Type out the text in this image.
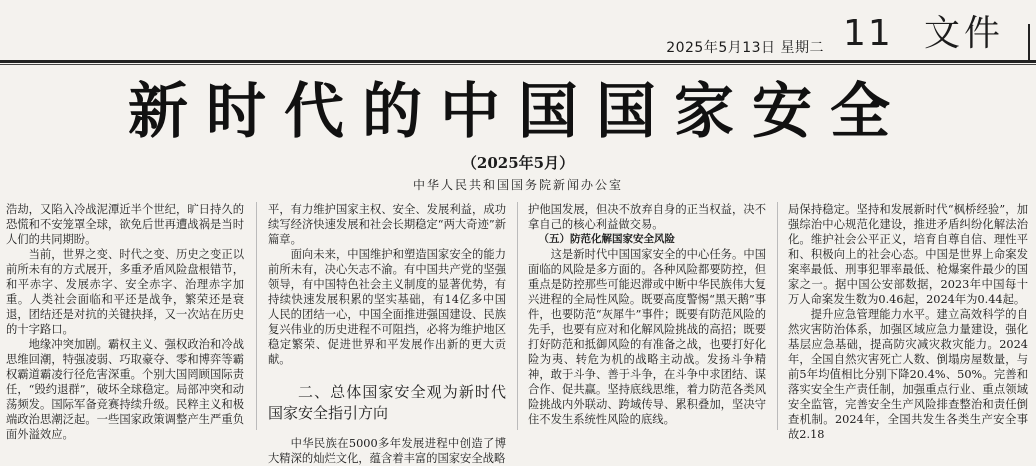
2025年5月13日 星期二 11 文件
新时代的中国国家安全
（2025年5月）
中华人民共和国国务院新闻办公室

浩劫，又陷入冷战泥潭近半个世纪，旷日持久的恐慌和不安笼罩全球，欲免后世再遭战祸是当时人们的共同期盼。

当前，世界之变、时代之变、历史之变正以前所未有的方式展开，多重矛盾风险盘根错节，和平赤字、发展赤字、安全赤字、治理赤字加重。人类社会面临和平还是战争，繁荣还是衰退，团结还是对抗的关键抉择，又一次站在历史的十字路口。

地缘冲突加剧。霸权主义、强权政治和冷战思维回潮，特强凌弱、巧取豪夺、零和博弈等霸权霸道霸凌行径危害深重。个别大国罔顾国际责任，“毁约退群”，破坏全球稳定。局部冲突和动荡频发。国际军备竞赛持续升级。民粹主义和极端政治思潮泛起。一些国家政策调整产生严重负面外溢效应。

平，有力维护国家主权、安全、发展利益，成功续写经济快速发展和社会长期稳定“两大奇迹”新篇章。

面向未来，中国维护和塑造国家安全的能力前所未有，决心矢志不渝。有中国共产党的坚强领导，有中国特色社会主义制度的显著优势，有持续快速发展积累的坚实基础，有14亿多中国人民的团结一心，中国全面推进强国建设、民族复兴伟业的历史进程不可阻挡，必将为维护地区稳定繁荣、促进世界和平发展作出新的更大贡献。

二、总体国家安全观为新时代国家安全指引方向

中华民族在5000多年发展进程中创造了博大精深的灿烂文化，蕴含着丰富的国家安全战略

护他国发展，但决不放弃自身的正当权益，决不拿自己的核心利益做交易。

（五）防范化解国家安全风险

这是新时代中国国家安全的中心任务。中国面临的风险是多方面的。各种风险都要防控，但重点是防控那些可能迟滞或中断中华民族伟大复兴进程的全局性风险。既要高度警惕“黑天鹅”事件，也要防范“灰犀牛”事件；既要有防范风险的先手，也要有应对和化解风险挑战的高招；既要打好防范和抵御风险的有准备之战，也要打好化险为夷、转危为机的战略主动战。发扬斗争精神，敢于斗争、善于斗争，在斗争中求团结、谋合作、促共赢。坚持底线思维，着力防范各类风险挑战内外联动、跨域传导、累积叠加，坚决守住不发生系统性风险的底线。

局保持稳定。坚持和发展新时代“枫桥经验”，加强综治中心规范化建设，推进矛盾纠纷化解法治化。维护社会公平正义，培育自尊自信、理性平和、积极向上的社会心态。中国是世界上命案发案率最低、刑事犯罪率最低、枪爆案件最少的国家之一。据中国公安部数据，2023年中国每十万人命案发生数为0.46起，2024年为0.44起。

提升应急管理能力水平。建立高效科学的自然灾害防治体系，加强区域应急力量建设，强化基层应急基础，提高防灾减灾救灾能力。2024年，全国自然灾害死亡人数、倒塌房屋数量，与前5年均值相比分别下降20.4%、50%。完善和落实安全生产责任制，加强重点行业、重点领域安全监管，完善安全生产风险排查整治和责任倒查机制。2024年，全国共发生各类生产安全事故2.18
